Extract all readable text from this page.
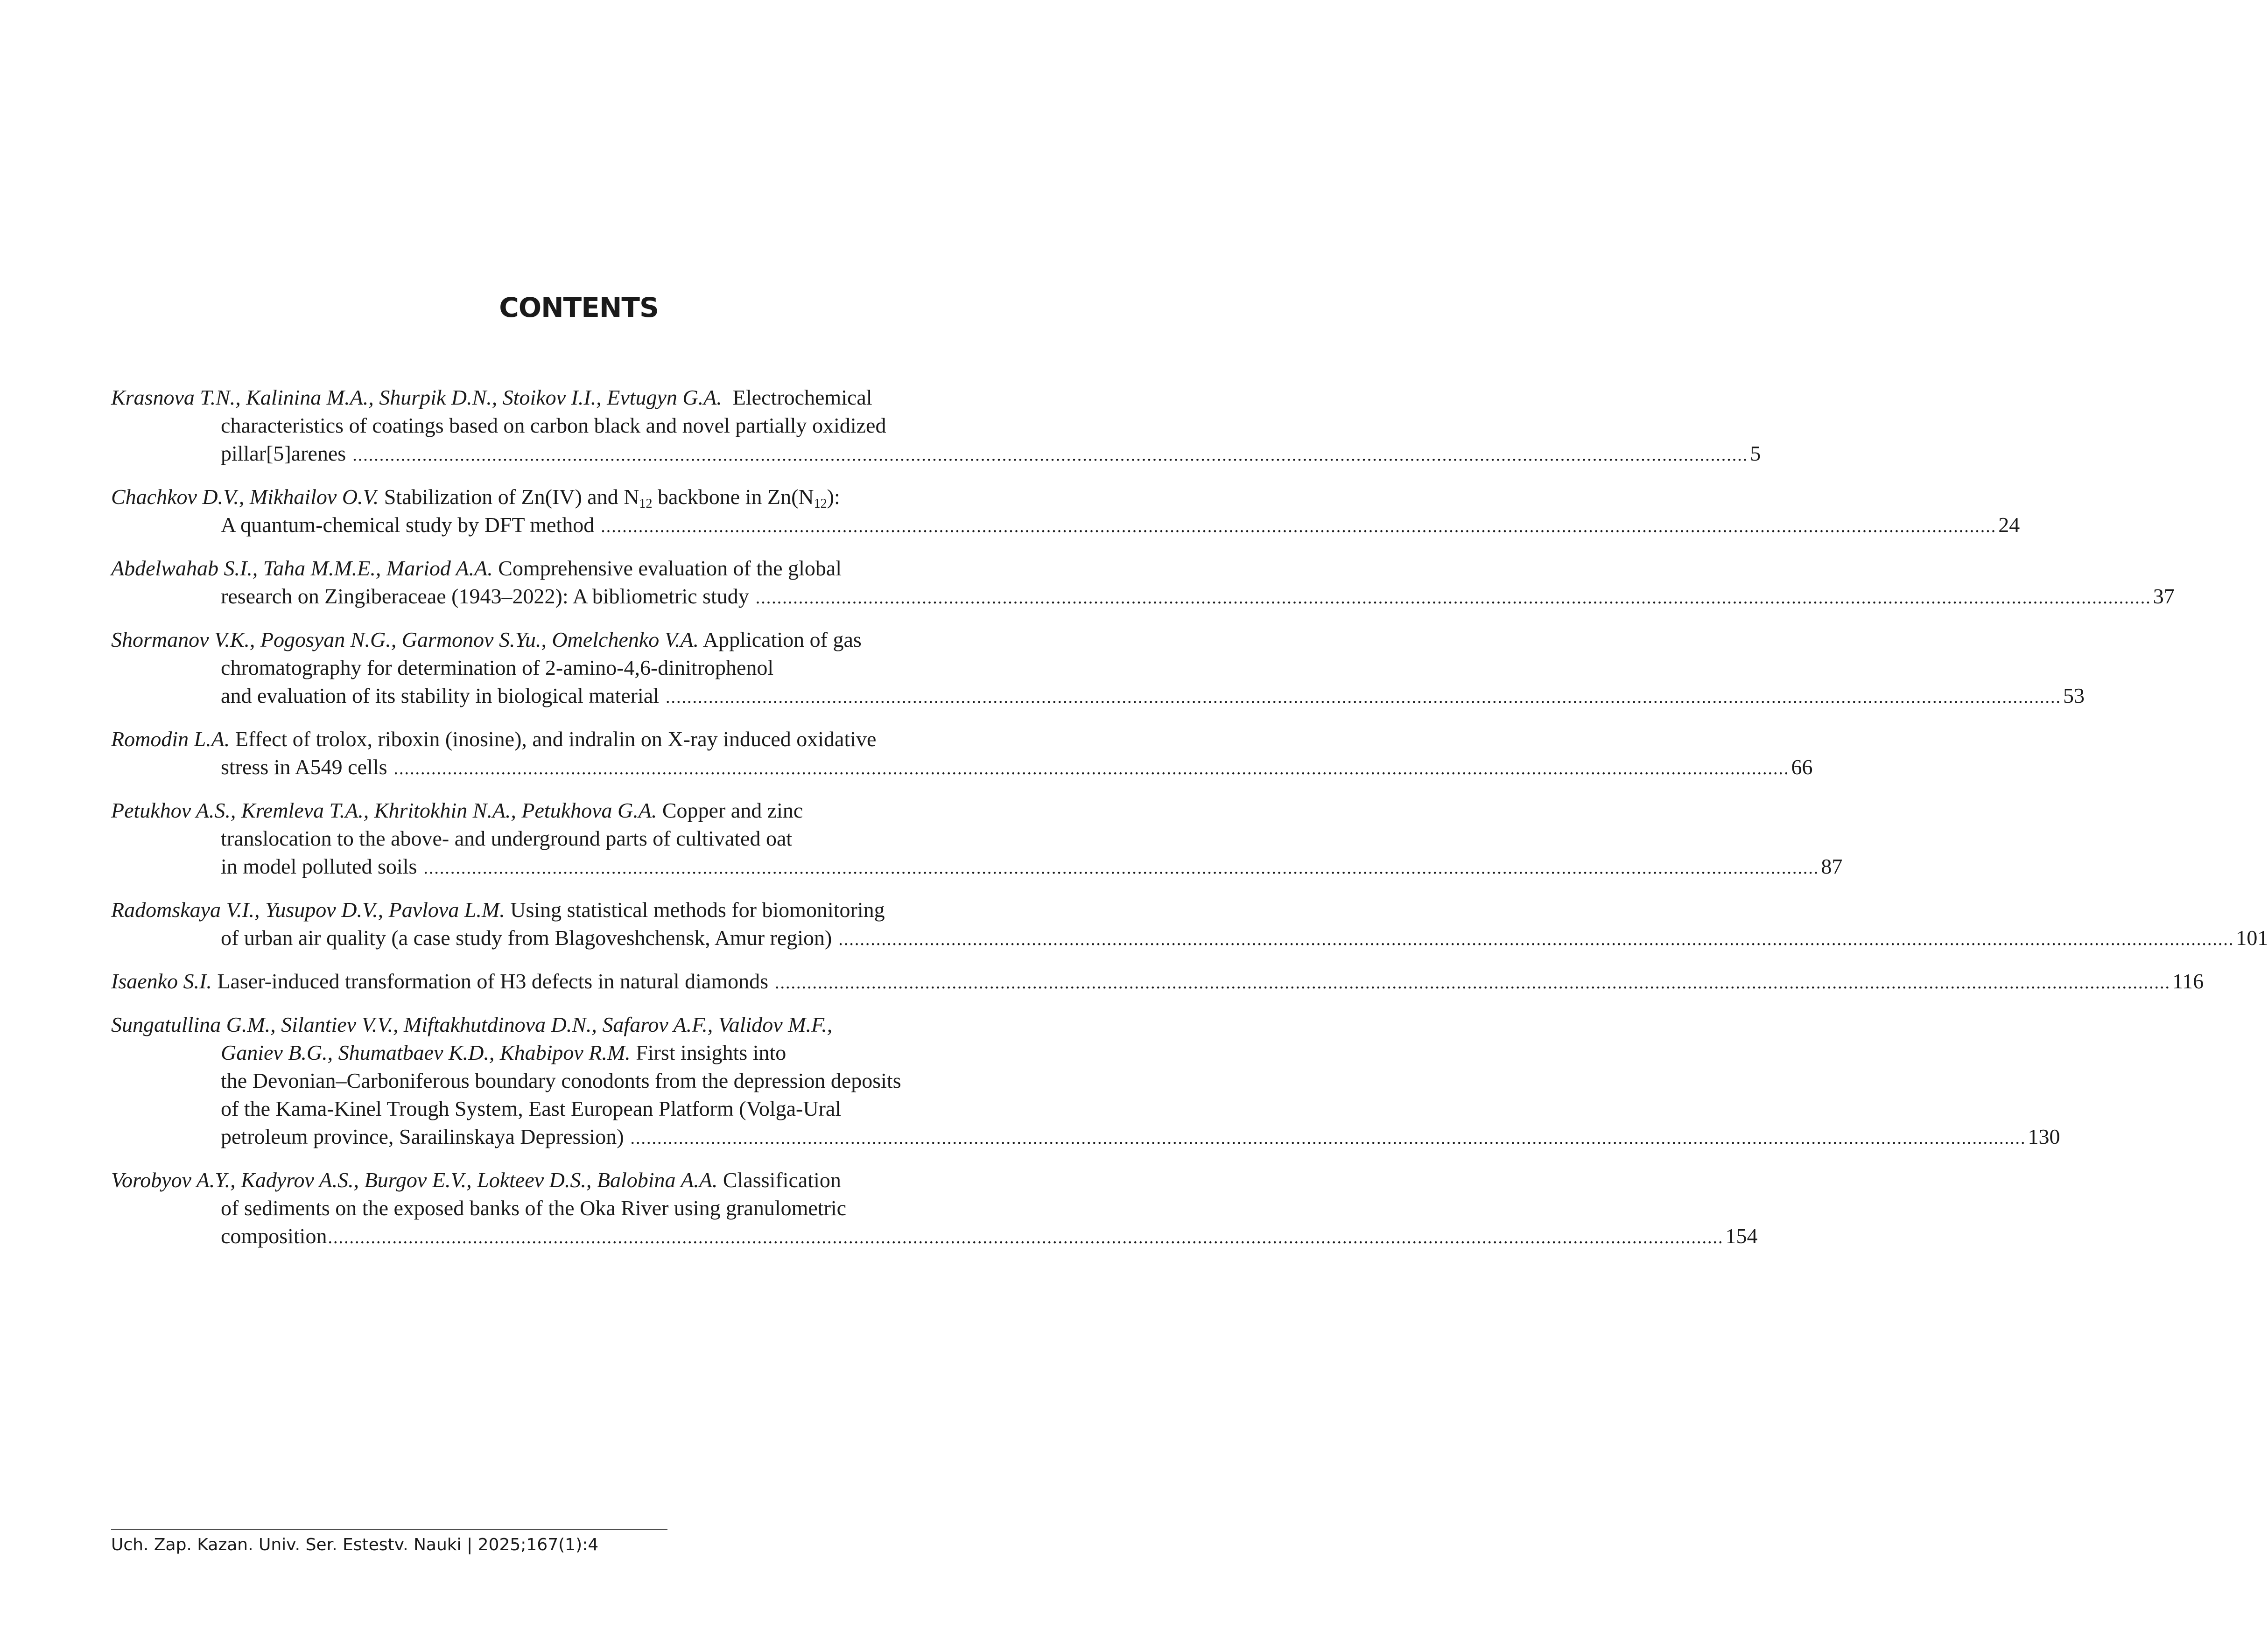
CONTENTS
Krasnova T.N., Kalinina M.A., Shurpik D.N., Stoikov I.I., Evtugyn G.A. Electrochemical
characteristics of coatings based on carbon black and novel partially oxidized
pillar[5]arenes .................................................................................................................................................................................................................................................................... 5
Chachkov D.V., Mikhailov O.V. Stabilization of Zn(IV) and $N_{12}$ backbone in $Zn(N_{12})$:
A quantum-chemical study by DFT method .................................................................................................................................................................................................................................................................... 24
Abdelwahab S.I., Taha M.M.E., Mariod A.A. Comprehensive evaluation of the global
research on Zingiberaceae (1943–2022): A bibliometric study .................................................................................................................................................................................................................................................................... 37
Shormanov V.K., Pogosyan N.G., Garmonov S.Yu., Omelchenko V.A. Application of gas
chromatography for determination of 2-amino-4,6-dinitrophenol
and evaluation of its stability in biological material .................................................................................................................................................................................................................................................................... 53
Romodin L.A. Effect of trolox, riboxin (inosine), and indralin on X-ray induced oxidative
stress in A549 cells .................................................................................................................................................................................................................................................................... 66
Petukhov A.S., Kremleva T.A., Khritokhin N.A., Petukhova G.A. Copper and zinc
translocation to the above- and underground parts of cultivated oat
in model polluted soils .................................................................................................................................................................................................................................................................... 87
Radomskaya V.I., Yusupov D.V., Pavlova L.M. Using statistical methods for biomonitoring
of urban air quality (a case study from Blagoveshchensk, Amur region) .................................................................................................................................................................................................................................................................... 101
Isaenko S.I. Laser-induced transformation of H3 defects in natural diamonds .................................................................................................................................................................................................................................................................... 116
Sungatullina G.M., Silantiev V.V., Miftakhutdinova D.N., Safarov A.F., Validov M.F.,
Ganiev B.G., Shumatbaev K.D., Khabipov R.M. First insights into
the Devonian–Carboniferous boundary conodonts from the depression deposits
of the Kama-Kinel Trough System, East European Platform (Volga-Ural
petroleum province, Sarailinskaya Depression) .................................................................................................................................................................................................................................................................... 130
Vorobyov A.Y., Kadyrov A.S., Burgov E.V., Lokteev D.S., Balobina A.A. Classification
of sediments on the exposed banks of the Oka River using granulometric
composition .................................................................................................................................................................................................................................................................... 154
Uch. Zap. Kazan. Univ. Ser. Estestv. Nauki | 2025;167(1):4
